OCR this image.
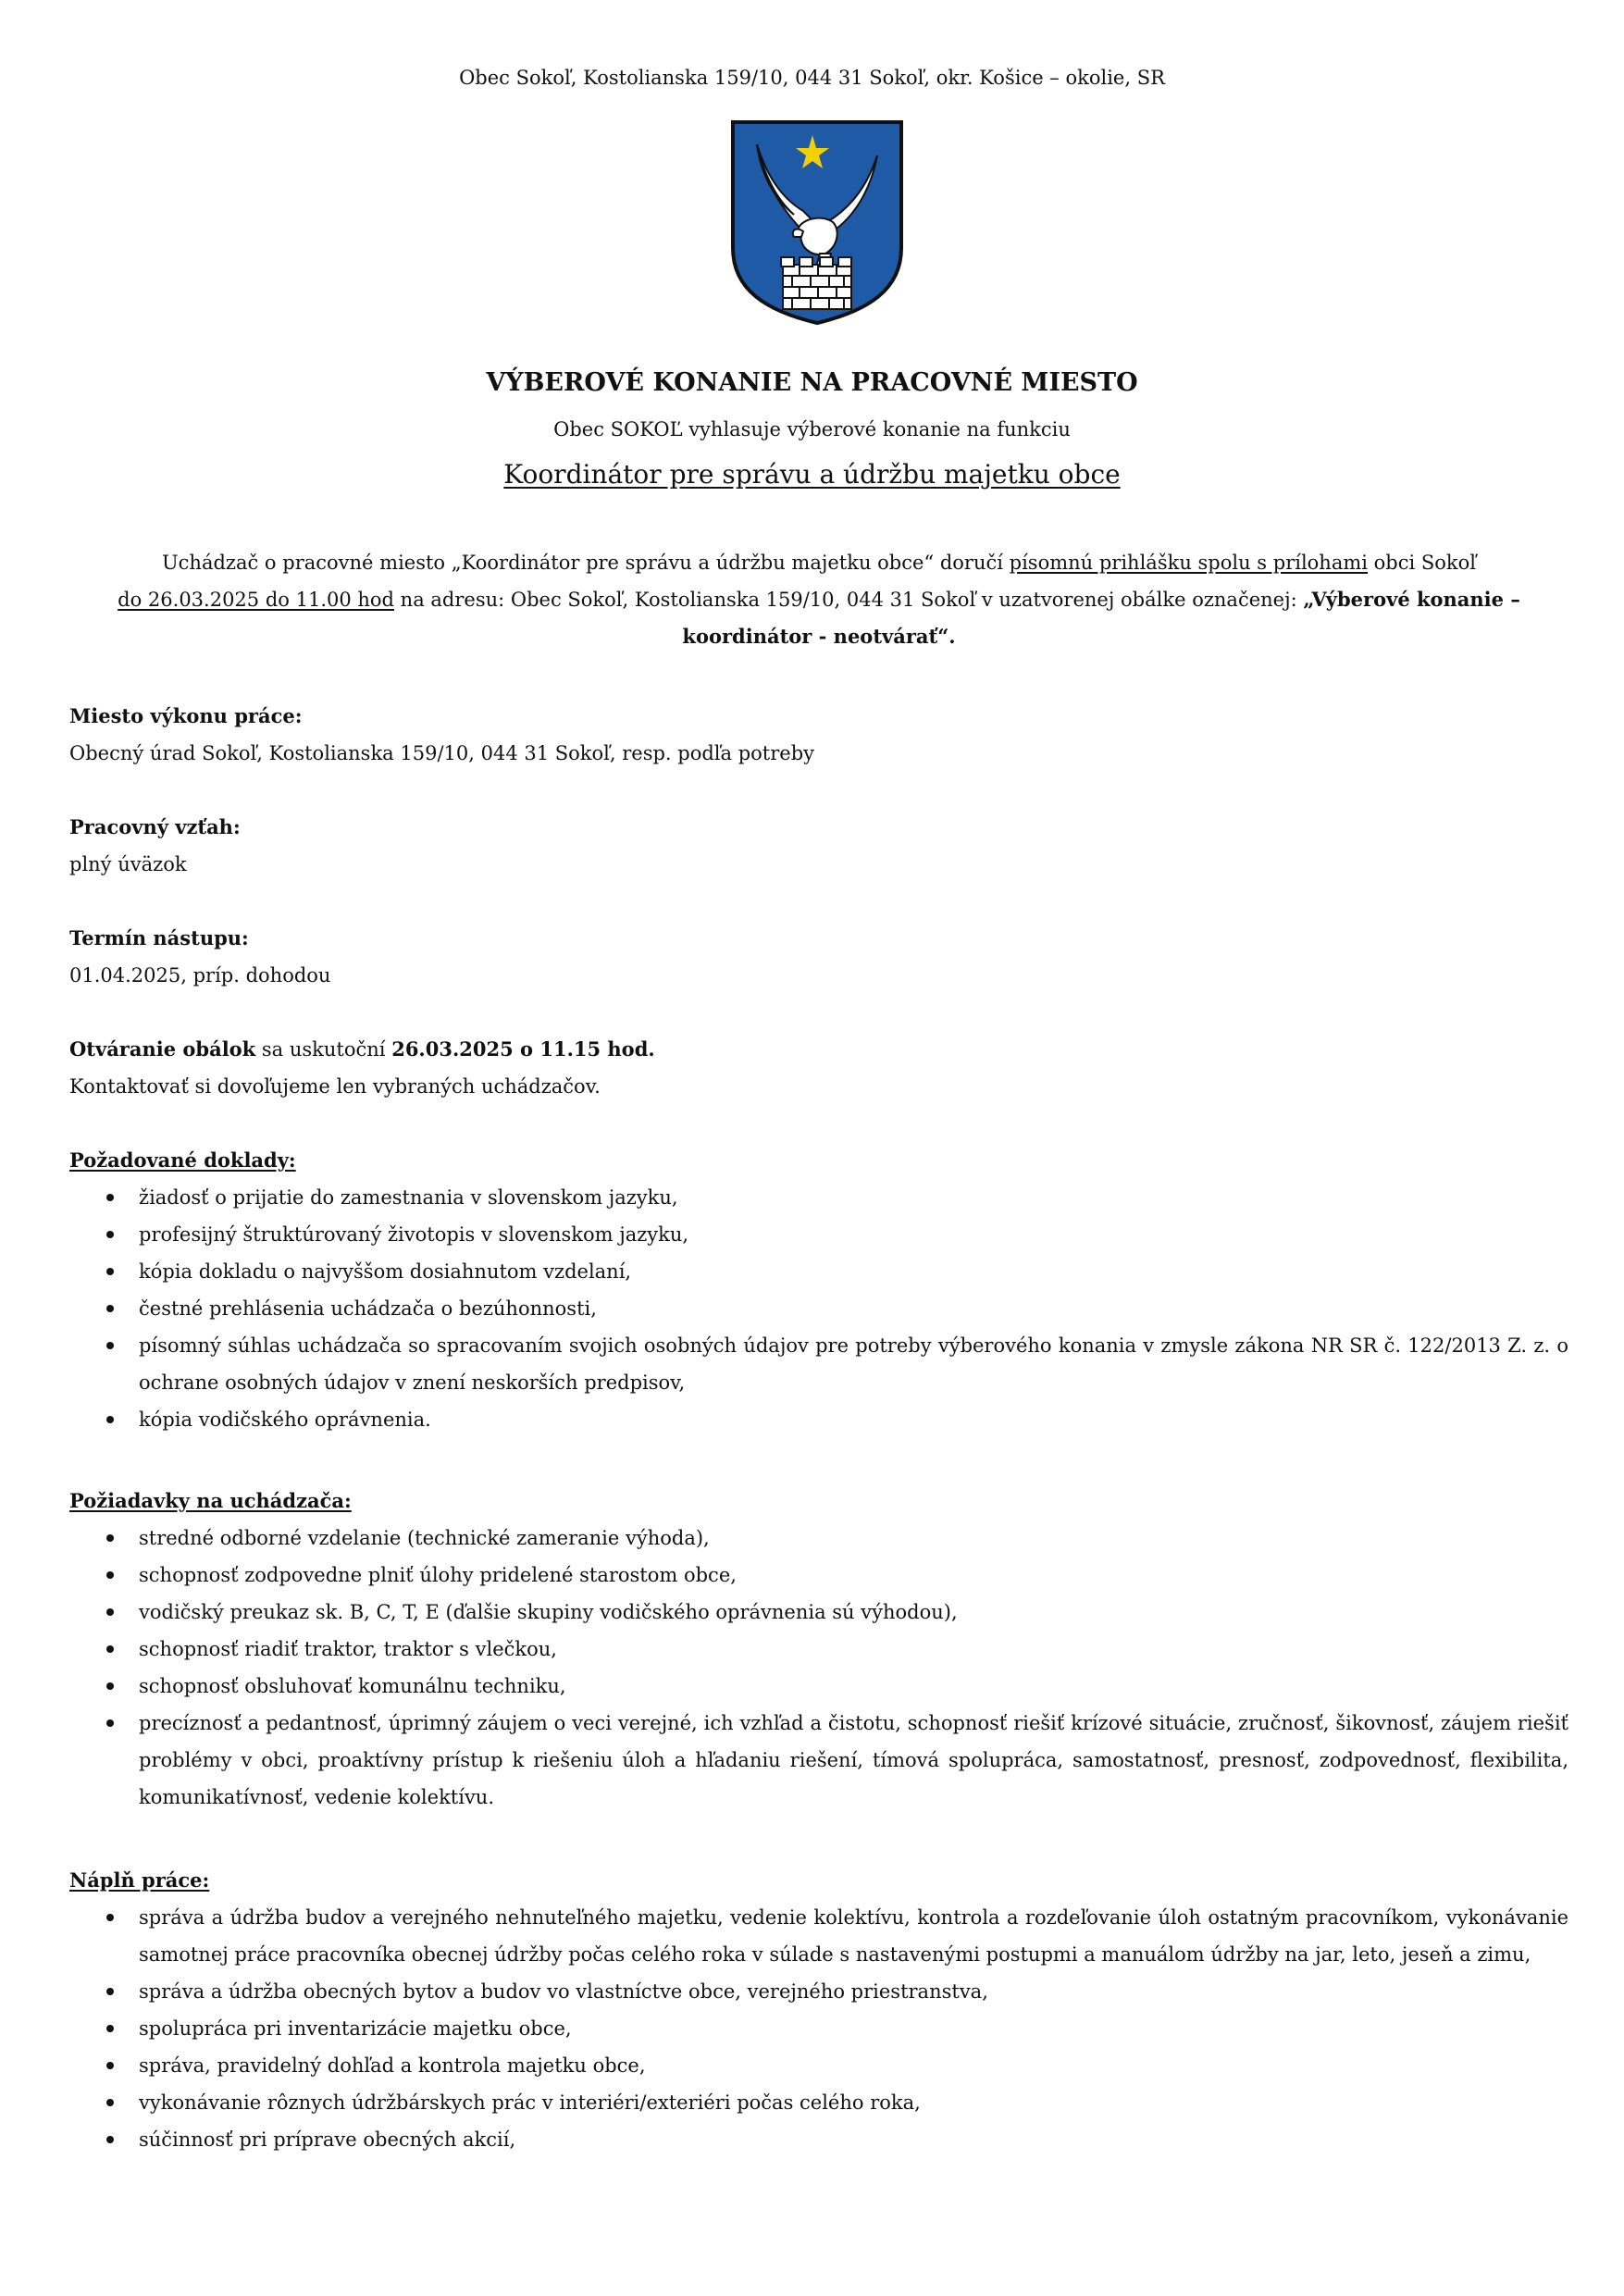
Obec Sokoľ, Kostolianska 159/10, 044 31 Sokoľ, okr. Košice – okolie, SR
VÝBEROVÉ KONANIE NA PRACOVNÉ MIESTO
Obec SOKOĽ vyhlasuje výberové konanie na funkciu
Koordinátor pre správu a údržbu majetku obce
Uchádzač o pracovné miesto „Koordinátor pre správu a údržbu majetku obce“ doručí písomnú prihlášku spolu s prílohami obci Sokoľ
do 26.03.2025 do 11.00 hod na adresu: Obec Sokoľ, Kostolianska 159/10, 044 31 Sokoľ v uzatvorenej obálke označenej: „Výberové konanie – koordinátor - neotvárať“.
Miesto výkonu práce:
Obecný úrad Sokoľ, Kostolianska 159/10, 044 31 Sokoľ, resp. podľa potreby
Pracovný vzťah:
plný úväzok
Termín nástupu:
01.04.2025, príp. dohodou
Otváranie obálok sa uskutoční 26.03.2025 o 11.15 hod.
Kontaktovať si dovoľujeme len vybraných uchádzačov.
Požadované doklady:
žiadosť o prijatie do zamestnania v slovenskom jazyku,
profesijný štruktúrovaný životopis v slovenskom jazyku,
kópia dokladu o najvyššom dosiahnutom vzdelaní,
čestné prehlásenia uchádzača o bezúhonnosti,
písomný súhlas uchádzača so spracovaním svojich osobných údajov pre potreby výberového konania v zmysle zákona NR SR č. 122/2013 Z. z. o ochrane osobných údajov v znení neskorších predpisov,
kópia vodičského oprávnenia.
Požiadavky na uchádzača:
stredné odborné vzdelanie (technické zameranie výhoda),
schopnosť zodpovedne plniť úlohy pridelené starostom obce,
vodičský preukaz sk. B, C, T, E (ďalšie skupiny vodičského oprávnenia sú výhodou),
schopnosť riadiť traktor, traktor s vlečkou,
schopnosť obsluhovať komunálnu techniku,
precíznosť a pedantnosť, úprimný záujem o veci verejné, ich vzhľad a čistotu, schopnosť riešiť krízové situácie, zručnosť, šikovnosť, záujem riešiť problémy v obci, proaktívny prístup k riešeniu úloh a hľadaniu riešení, tímová spolupráca, samostatnosť, presnosť, zodpovednosť, flexibilita, komunikatívnosť, vedenie kolektívu.
Náplň práce:
správa a údržba budov a verejného nehnuteľného majetku, vedenie kolektívu, kontrola a rozdeľovanie úloh ostatným pracovníkom, vykonávanie samotnej práce pracovníka obecnej údržby počas celého roka v súlade s nastavenými postupmi a manuálom údržby na jar, leto, jeseň a zimu,
správa a údržba obecných bytov a budov vo vlastníctve obce, verejného priestranstva,
spolupráca pri inventarizácie majetku obce,
správa, pravidelný dohľad a kontrola majetku obce,
vykonávanie rôznych údržbárskych prác v interiéri/exteriéri počas celého roka,
súčinnosť pri príprave obecných akcií,
